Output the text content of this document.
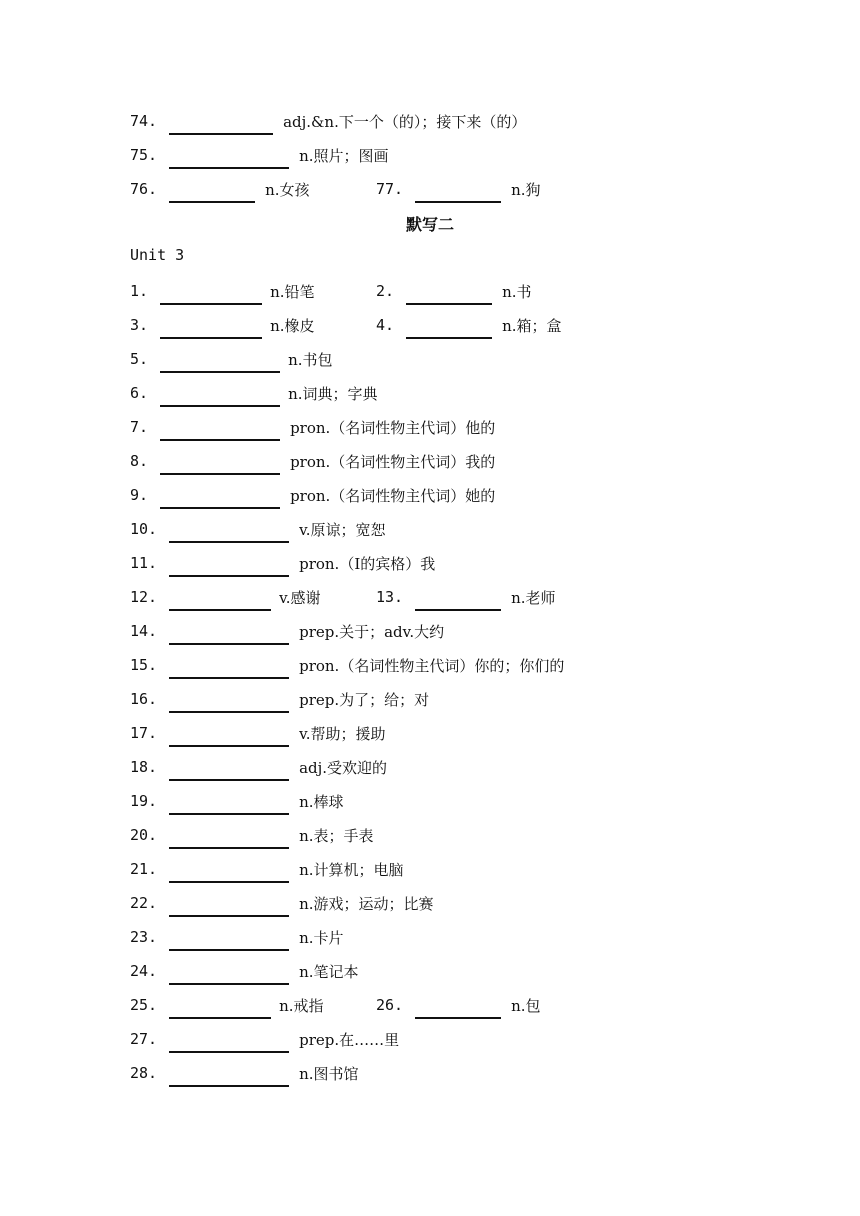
74.	adj.&n.下一个（的）；接下来（的）
75.	n.照片；图画
76.	n.女孩	77.	n.狗
默写二
Unit 3
1.	n.铅笔	2.	n.书
3.	n.橡皮	4.	n.箱；盒
5.	n.书包
6.	n.词典；字典
7.	pron.（名词性物主代词）他的
8.	pron.（名词性物主代词）我的
9.	pron.（名词性物主代词）她的
10.	v.原谅；宽恕
11.	pron.（I的宾格）我
12.	v.感谢	13.	n.老师
14.	prep.关于；adv.大约
15.	pron.（名词性物主代词）你的；你们的
16.	prep.为了；给；对
17.	v.帮助；援助
18.	adj.受欢迎的
19.	n.棒球
20.	n.表；手表
21.	n.计算机；电脑
22.	n.游戏；运动；比赛
23.	n.卡片
24.	n.笔记本
25.	n.戒指	26.	n.包
27.	prep.在……里
28.	n.图书馆
